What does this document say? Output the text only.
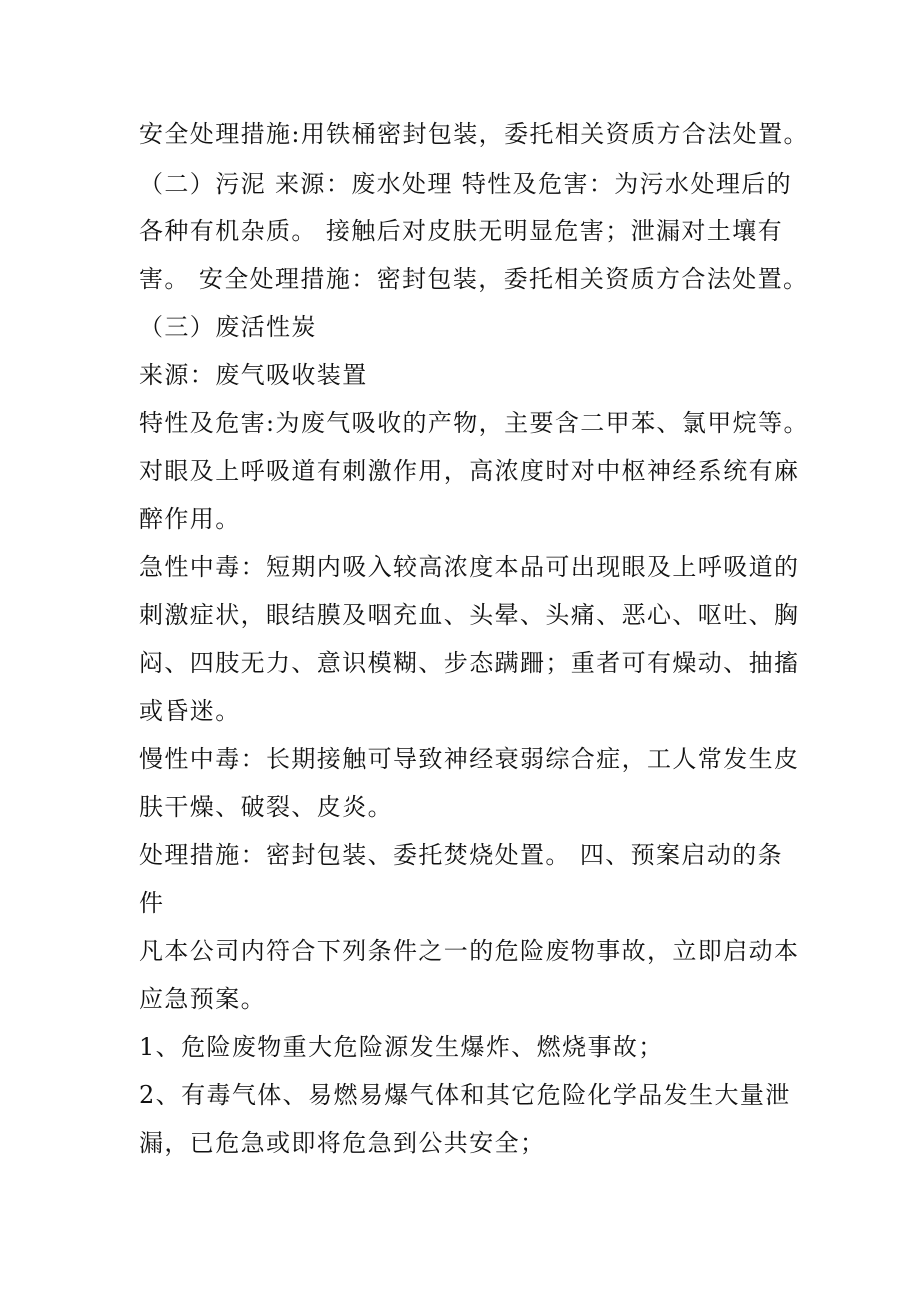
安全处理措施:用铁桶密封包装，委托相关资质方合法处置。
（二）污泥 来源：废水处理 特性及危害：为污水处理后的
各种有机杂质。 接触后对皮肤无明显危害；泄漏对土壤有
害。 安全处理措施：密封包装，委托相关资质方合法处置。
（三）废活性炭
来源：废气吸收装置
特性及危害:为废气吸收的产物，主要含二甲苯、氯甲烷等。
对眼及上呼吸道有刺激作用，高浓度时对中枢神经系统有麻
醉作用。
急性中毒：短期内吸入较高浓度本品可出现眼及上呼吸道的
刺激症状，眼结膜及咽充血、头晕、头痛、恶心、呕吐、胸
闷、四肢无力、意识模糊、步态蹒跚；重者可有燥动、抽搐
或昏迷。
慢性中毒：长期接触可导致神经衰弱综合症，工人常发生皮
肤干燥、破裂、皮炎。
处理措施：密封包装、委托焚烧处置。 四、预案启动的条
件
凡本公司内符合下列条件之一的危险废物事故，立即启动本
应急预案。
1、危险废物重大危险源发生爆炸、燃烧事故；
2、有毒气体、易燃易爆气体和其它危险化学品发生大量泄
漏，已危急或即将危急到公共安全；
